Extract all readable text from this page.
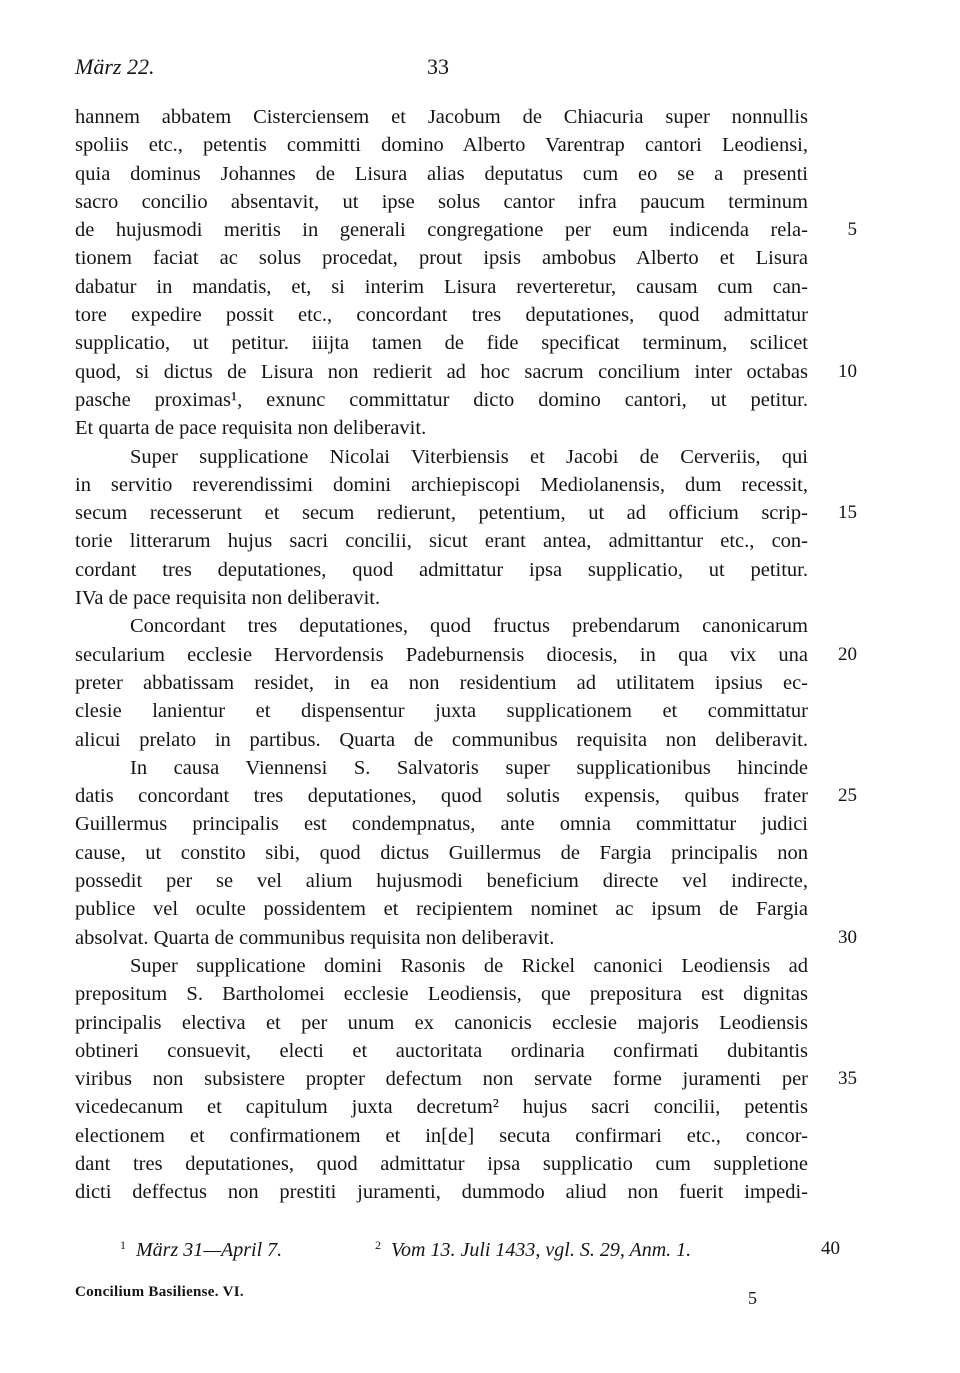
März 22.	33
hannem abbatem Cisterciensem et Jacobum de Chiacuria super nonnullis
spoliis etc., petentis committi domino Alberto Varentrap cantori Leodiensi,
quia dominus Johannes de Lisura alias deputatus cum eo se a presenti
sacro concilio absentavit, ut ipse solus cantor infra paucum terminum
de hujusmodi meritis in generali congregatione per eum indicenda rela-	5
tionem faciat ac solus procedat, prout ipsis ambobus Alberto et Lisura
dabatur in mandatis, et, si interim Lisura reverteretur, causam cum can-
tore expedire possit etc., concordant tres deputationes, quod admittatur
supplicatio, ut petitur. iiijta tamen de fide specificat terminum, scilicet
quod, si dictus de Lisura non redierit ad hoc sacrum concilium inter octabas	10
pasche proximas¹, exnunc committatur dicto domino cantori, ut petitur.
Et quarta de pace requisita non deliberavit.
Super supplicatione Nicolai Viterbiensis et Jacobi de Cerveriis, qui
in servitio reverendissimi domini archiepiscopi Mediolanensis, dum recessit,
secum recesserunt et secum redierunt, petentium, ut ad officium scrip-	15
torie litterarum hujus sacri concilii, sicut erant antea, admittantur etc., con-
cordant tres deputationes, quod admittatur ipsa supplicatio, ut petitur.
IVa de pace requisita non deliberavit.
Concordant tres deputationes, quod fructus prebendarum canonicarum
secularium ecclesie Hervordensis Padeburnensis diocesis, in qua vix una	20
preter abbatissam residet, in ea non residentium ad utilitatem ipsius ec-
clesie lanientur et dispensentur juxta supplicationem et committatur
alicui prelato in partibus. Quarta de communibus requisita non deliberavit.
In causa Viennensi S. Salvatoris super supplicationibus hincinde
datis concordant tres deputationes, quod solutis expensis, quibus frater	25
Guillermus principalis est condempnatus, ante omnia committatur judici
cause, ut constito sibi, quod dictus Guillermus de Fargia principalis non
possedit per se vel alium hujusmodi beneficium directe vel indirecte,
publice vel oculte possidentem et recipientem nominet ac ipsum de Fargia
absolvat. Quarta de communibus requisita non deliberavit.	30
Super supplicatione domini Rasonis de Rickel canonici Leodiensis ad
prepositum S. Bartholomei ecclesie Leodiensis, que prepositura est dignitas
principalis electiva et per unum ex canonicis ecclesie majoris Leodiensis
obtineri consuevit, electi et auctoritata ordinaria confirmati dubitantis
viribus non subsistere propter defectum non servate forme juramenti per	35
vicedecanum et capitulum juxta decretum² hujus sacri concilii, petentis
electionem et confirmationem et in[de] secuta confirmari etc., concor-
dant tres deputationes, quod admittatur ipsa supplicatio cum suppletione
dicti deffectus non prestiti juramenti, dummodo aliud non fuerit impedi-
$^1$ März 31—April 7.	$^2$ Vom 13. Juli 1433, vgl. S. 29, Anm. 1.	40
Concilium Basiliense. VI.	5
